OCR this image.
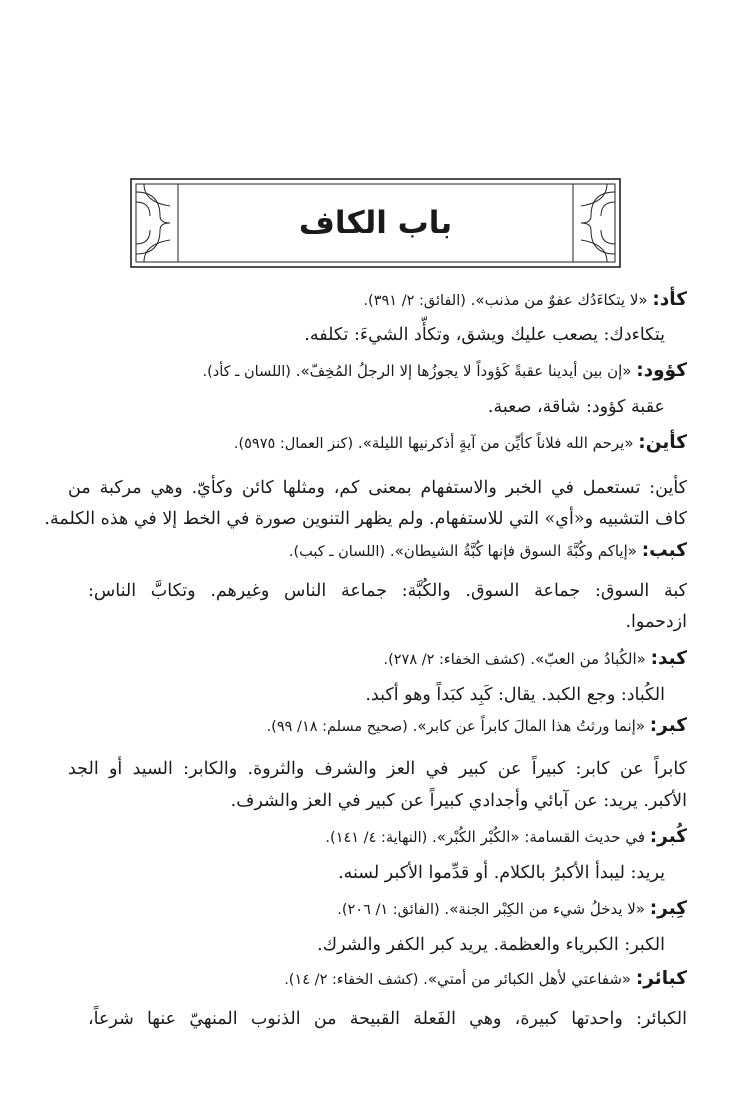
باب الكاف
كأد: «لا يتكاءَدُك عفوٌ من مذنب». (الفائق: ٢/ ٣٩١).
يتكاءدك: يصعب عليك ويشق، وتكأّد الشيءَ: تكلفه.
كؤود: «إن بين أيدينا عقبةً كَؤوداً لا يجوزُها إلا الرجلُ المُخِفّ». (اللسان ـ كأد).
عقبة كؤود: شاقة، صعبة.
كأين: «يرحم الله فلاناً كأيِّن من آيةٍ أذكرنيها الليلة». (كنز العمال: ٥٩٧٥).
كأين: تستعمل في الخبر والاستفهام بمعنى كم، ومثلها كائن وكأيّ. وهي مركبة من
كاف التشبيه و«أي» التي للاستفهام. ولم يظهر التنوين صورة في الخط إلا في هذه الكلمة.
كبب: «إياكم وكُبَّةَ السوق فإنها كُبَّةُ الشيطان». (اللسان ـ كبب).
كبة السوق: جماعة السوق. والكُبَّة: جماعة الناس وغيرهم. وتكابَّ الناس:
ازدحموا.
كبد: «الكُبادُ من العبّ». (كشف الخفاء: ٢/ ٢٧٨).
الكُباد: وجع الكبد. يقال: كَبِد كبَداً وهو أكبد.
كبر: «إنما ورثتُ هذا المالَ كابراً عن كابر». (صحيح مسلم: ١٨/ ٩٩).
كابراً عن كابر: كبيراً عن كبير في العز والشرف والثروة. والكابر: السيد أو الجد
الأكبر. يريد: عن آبائي وأجدادي كبيراً عن كبير في العز والشرف.
كُبر: في حديث القسامة: «الكُبْر الكُبْر». (النهاية: ٤/ ١٤١).
يريد: ليبدأ الأكبرُ بالكلام. أو قدِّموا الأكبر لسنه.
كِبر: «لا يدخلُ شيء من الكِبْر الجنة». (الفائق: ١/ ٢٠٦).
الكبر: الكبرياء والعظمة. يريد كبر الكفر والشرك.
كبائر: «شفاعتي لأهل الكبائر من أمتي». (كشف الخفاء: ٢/ ١٤).
الكبائر: واحدتها كبيرة، وهي الفَعلة القبيحة من الذنوب المنهيّ عنها شرعاً،
